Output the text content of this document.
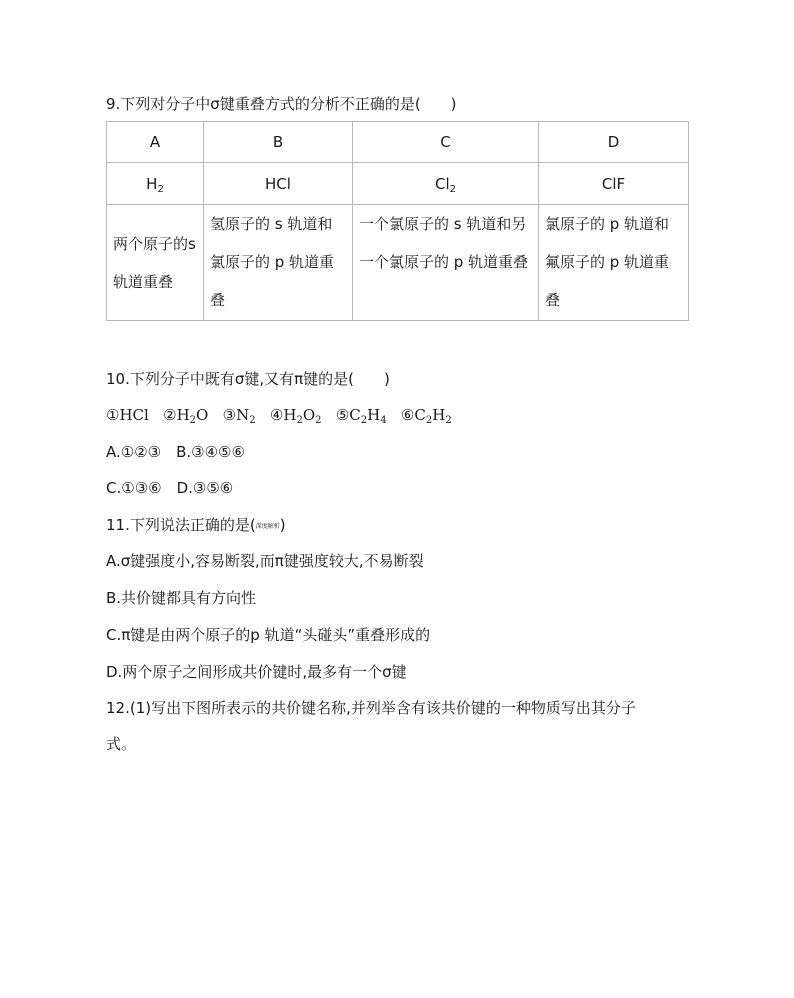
9.下列对分子中σ键重叠方式的分析不正确的是(　　)
A	B	C	D
$H_2$	HCl	$Cl_2$	ClF

两个原子的s 轨道重叠	氢原子的 s 轨道和氯原子的 p 轨道重叠	一个氯原子的 s 轨道和另一个氯原子的 p 轨道重叠	氯原子的 p 轨道和氟原子的 p 轨道重叠
10.下列分子中既有σ键,又有π键的是(　　)
①HCl $②H_2O$ $③N_2$ $④H_2O_2$ $⑤C_2H_4$ $⑥C_2H_2$
A.①②③　B.③④⑤⑥
C.①③⑥　D.③⑤⑥
11.下列说法正确的是(深度解析)
A.σ键强度小,容易断裂,而π键强度较大,不易断裂
B.共价键都具有方向性
C.π键是由两个原子的p 轨道“头碰头”重叠形成的
D.两个原子之间形成共价键时,最多有一个σ键
12.(1)写出下图所表示的共价键名称,并列举含有该共价键的一种物质写出其分子
式。
